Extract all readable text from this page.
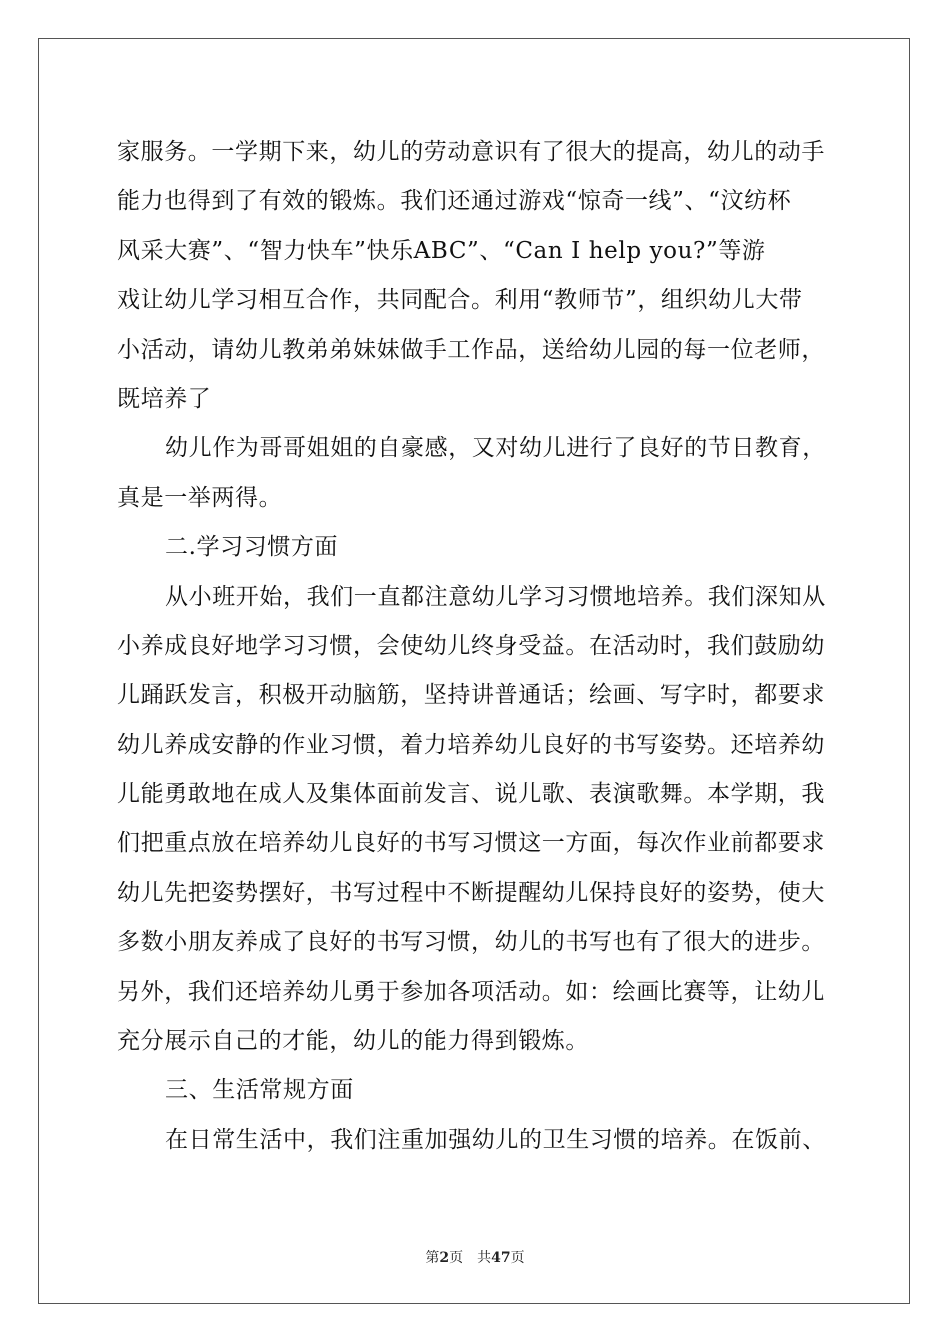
家服务。一学期下来，幼儿的劳动意识有了很大的提高，幼儿的动手
能力也得到了有效的锻炼。我们还通过游戏“惊奇一线”、“汶纺杯
风采大赛”、“智力快车”快乐ABC”、“Can I help you?”等游
戏让幼儿学习相互合作，共同配合。利用“教师节”，组织幼儿大带
小活动，请幼儿教弟弟妹妹做手工作品，送给幼儿园的每一位老师，
既培养了
幼儿作为哥哥姐姐的自豪感，又对幼儿进行了良好的节日教育，
真是一举两得。
二.学习习惯方面
从小班开始，我们一直都注意幼儿学习习惯地培养。我们深知从
小养成良好地学习习惯，会使幼儿终身受益。在活动时，我们鼓励幼
儿踊跃发言，积极开动脑筋，坚持讲普通话；绘画、写字时，都要求
幼儿养成安静的作业习惯，着力培养幼儿良好的书写姿势。还培养幼
儿能勇敢地在成人及集体面前发言、说儿歌、表演歌舞。本学期，我
们把重点放在培养幼儿良好的书写习惯这一方面，每次作业前都要求
幼儿先把姿势摆好，书写过程中不断提醒幼儿保持良好的姿势，使大
多数小朋友养成了良好的书写习惯，幼儿的书写也有了很大的进步。
另外，我们还培养幼儿勇于参加各项活动。如：绘画比赛等，让幼儿
充分展示自己的才能，幼儿的能力得到锻炼。
三、生活常规方面
在日常生活中，我们注重加强幼儿的卫生习惯的培养。在饭前、
第2页 共47页
